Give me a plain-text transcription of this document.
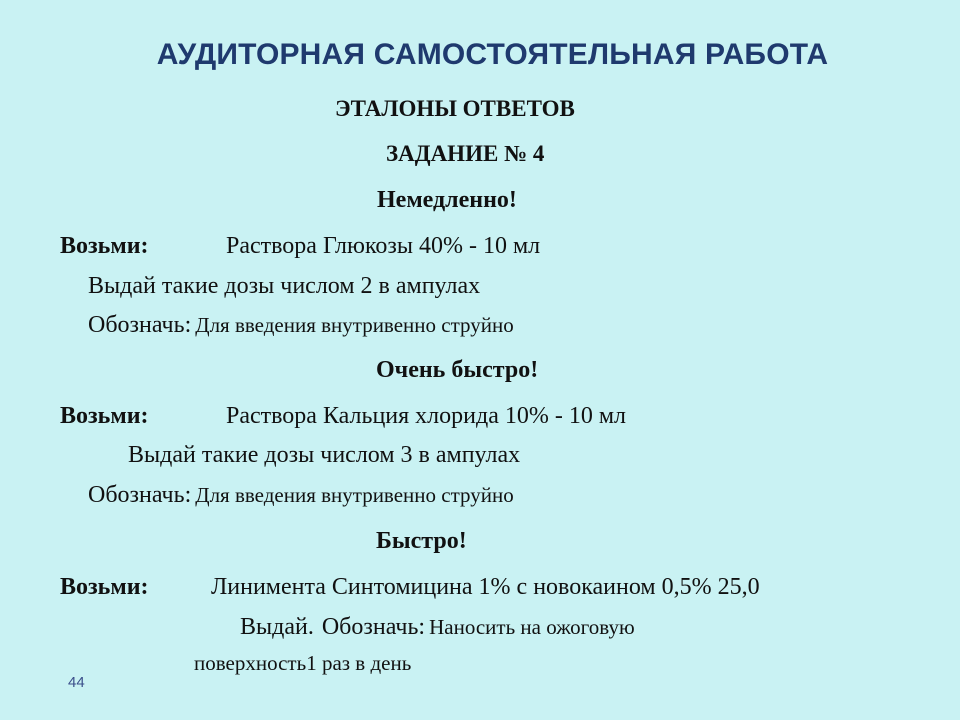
АУДИТОРНАЯ САМОСТОЯТЕЛЬНАЯ РАБОТА
ЭТАЛОНЫ ОТВЕТОВ
ЗАДАНИЕ № 4
Немедленно!
Возьми:	Раствора Глюкозы 40% - 10 мл
Выдай такие дозы числом 2 в ампулах
Обозначь: Для введения внутривенно струйно
Очень быстро!
Возьми:	Раствора Кальция хлорида 10% - 10 мл
Выдай такие дозы числом 3 в ампулах
Обозначь: Для введения внутривенно струйно
Быстро!
Возьми:	Линимента Синтомицина 1% с новокаином 0,5% 25,0
Выдай. Обозначь: Наносить на ожоговую
поверхность1 раз в день
44
